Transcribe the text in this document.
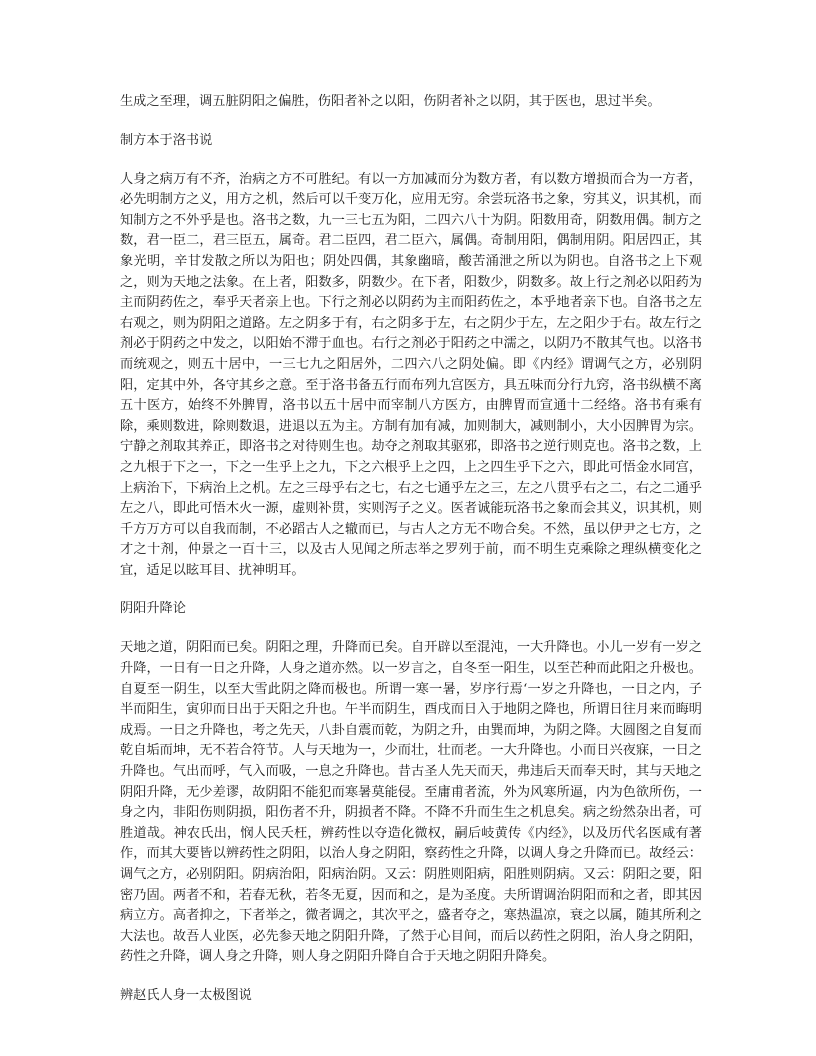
生成之至理，调五脏阴阳之偏胜，伤阳者补之以阳，伤阴者补之以阴，其于医也，思过半矣。

制方本于洛书说

人身之病万有不齐，治病之方不可胜纪。有以一方加减而分为数方者，有以数方增损而合为一方者，必先明制方之义，用方之机，然后可以千变万化，应用无穷。余尝玩洛书之象，穷其义，识其机，而知制方之不外乎是也。洛书之数，九一三七五为阳，二四六八十为阴。阳数用奇，阴数用偶。制方之数，君一臣二，君三臣五，属奇。君二臣四，君二臣六，属偶。奇制用阳，偶制用阴。阳居四正，其象光明，辛甘发散之所以为阳也；阴处四偶，其象幽暗，酸苦涌泄之所以为阴也。自洛书之上下观之，则为天地之法象。在上者，阳数多，阴数少。在下者，阳数少，阴数多。故上行之剂必以阳药为主而阴药佐之，奉乎天者亲上也。下行之剂必以阴药为主而阳药佐之，本乎地者亲下也。自洛书之左右观之，则为阴阳之道路。左之阴多于有，右之阴多于左，右之阴少于左，左之阳少于右。故左行之剂必于阴药之中发之，以阳始不滞于血也。右行之剂必于阳药之中濡之，以阴乃不散其气也。以洛书而统观之，则五十居中，一三七九之阳居外，二四六八之阴处偏。即《内经》谓调气之方，必别阴阳，定其中外，各守其乡之意。至于洛书备五行而布列九宫医方，具五味而分行九窍，洛书纵横不离五十医方，始终不外脾胃，洛书以五十居中而宰制八方医方，由脾胃而宣通十二经络。洛书有乘有除，乘则数进，除则数退，进退以五为主。方制有加有减，加则制大，减则制小，大小因脾胃为宗。宁静之剂取其养正，即洛书之对待则生也。劫夺之剂取其驱邪，即洛书之逆行则克也。洛书之数，上之九根于下之一，下之一生乎上之九，下之六根乎上之四，上之四生乎下之六，即此可悟金水同宫，上病治下，下病治上之机。左之三母乎右之七，右之七通乎左之三，左之八贯乎右之二，右之二通乎左之八，即此可悟木火一源，虚则补贯，实则泻子之义。医者诚能玩洛书之象而会其义，识其机，则千方万方可以自我而制，不必蹈古人之辙而已，与古人之方无不吻合矣。不然，虽以伊尹之七方，之才之十剂，仲景之一百十三，以及古人见闻之所志举之罗列于前，而不明生克乘除之理纵横变化之宜，适足以眩耳目、扰神明耳。

阴阳升降论

天地之道，阴阳而已矣。阴阳之理，升降而已矣。自开辟以至混沌，一大升降也。小儿一岁有一岁之升降，一日有一日之升降，人身之道亦然。以一岁言之，自冬至一阳生，以至芒种而此阳之升极也。自夏至一阴生，以至大雪此阴之降而极也。所谓一寒一暑，岁序行焉‘一岁之升降也，一日之内，子半而阳生，寅卯而日出于天阳之升也。午半而阴生，酉戌而日入于地阴之降也，所谓日往月来而晦明成焉。一日之升降也，考之先天，八卦自震而乾，为阴之升，由巽而坤，为阴之降。大圆图之自复而乾自垢而坤，无不若合符节。人与天地为一，少而壮，壮而老。一大升降也。小而日兴夜寐，一日之升降也。气出而呼，气入而吸，一息之升降也。昔古圣人先天而天，弗违后天而奉天时，其与天地之阴阳升降，无少差谬，故阴阳不能犯而寒暑莫能侵。至庸甫者流，外为风寒所逼，内为色欲所伤，一身之内，非阳伤则阴损，阳伤者不升，阴损者不降。不降不升而生生之机息矣。病之纷然杂出者，可胜道哉。神农氏出，悯人民夭枉，辨药性以夺造化微权，嗣后岐黄传《内经》，以及历代名医咸有著作，而其大要皆以辨药性之阴阳，以治人身之阴阳，察药性之升降，以调人身之升降而已。故经云：调气之方，必别阴阳。阴病治阳，阳病治阴。又云：阴胜则阳病，阳胜则阴病。又云：阴阳之要，阳密乃固。两者不和，若春无秋，若冬无夏，因而和之，是为圣度。夫所谓调治阴阳而和之者，即其因病立方。高者抑之，下者举之，微者调之，其次平之，盛者夺之，寒热温凉，衰之以属，随其所利之大法也。故吾人业医，必先参天地之阴阳升降，了然于心目间，而后以药性之阴阳，治人身之阴阳，药性之升降，调人身之升降，则人身之阴阳升降自合于天地之阴阳升降矣。

辨赵氏人身一太极图说
